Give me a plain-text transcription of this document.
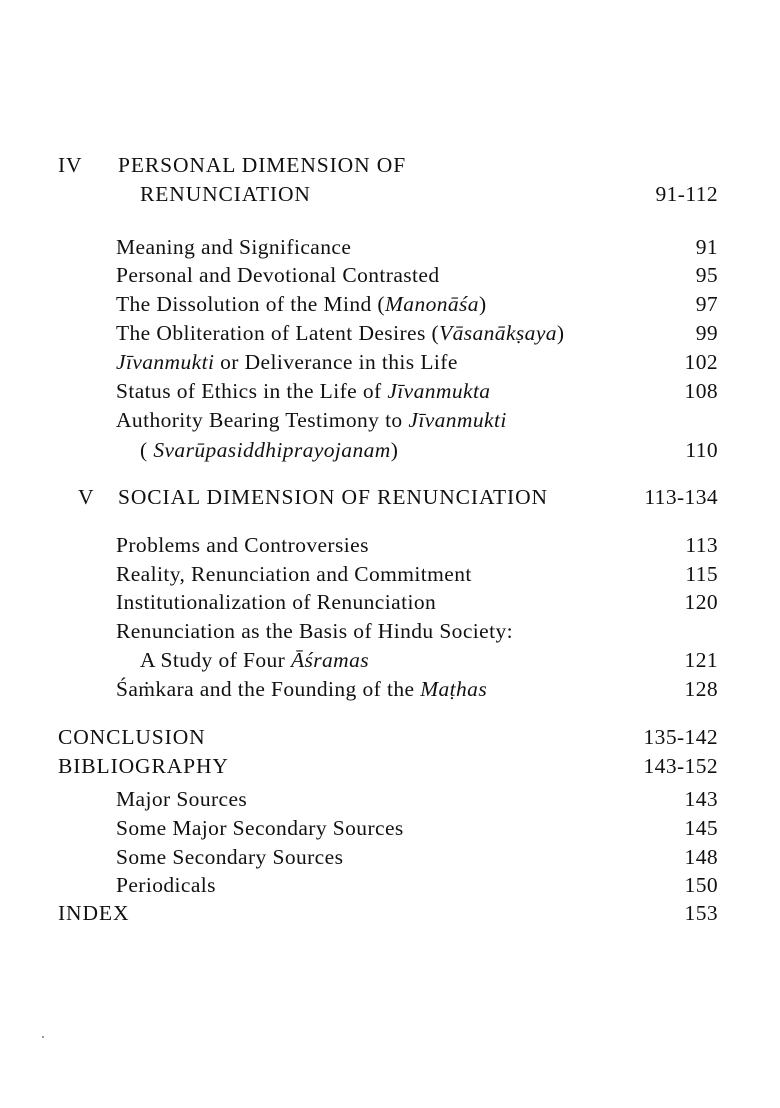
IV PERSONAL DIMENSION OF
RENUNCIATION	91-112
Meaning and Significance	91
Personal and Devotional Contrasted	95
The Dissolution of the Mind (Manonāśa)	97
The Obliteration of Latent Desires (Vāsanākṣaya)	99
Jīvanmukti or Deliverance in this Life	102
Status of Ethics in the Life of Jīvanmukta	108
Authority Bearing Testimony to Jīvanmukti
( Svarūpasiddhiprayojanam)	110
V SOCIAL DIMENSION OF RENUNCIATION	113-134
Problems and Controversies	113
Reality, Renunciation and Commitment	115
Institutionalization of Renunciation	120
Renunciation as the Basis of Hindu Society:
A Study of Four Āśramas	121
Śaṁkara and the Founding of the Maṭhas	128
CONCLUSION	135-142
BIBLIOGRAPHY	143-152
Major Sources	143
Some Major Secondary Sources	145
Some Secondary Sources	148
Periodicals	150
INDEX	153
